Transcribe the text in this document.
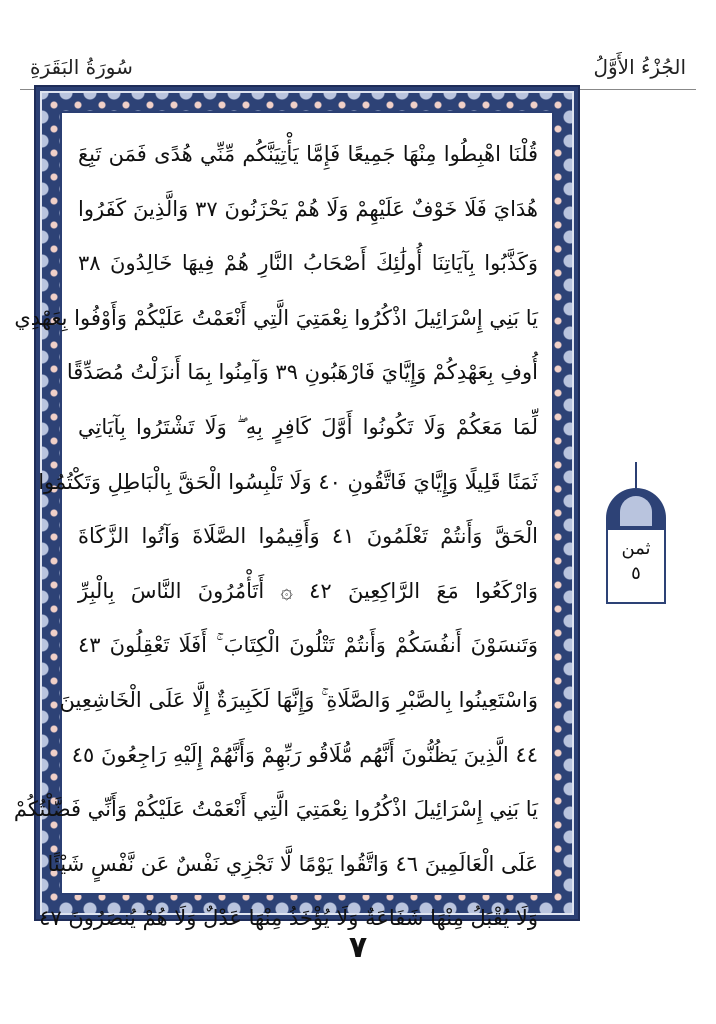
سُورَةُ البَقَرَةِ	الجُزْءُ الأَوَّلُ
قُلْنَا اهْبِطُوا مِنْهَا جَمِيعًا فَإِمَّا يَأْتِيَنَّكُم مِّنِّي هُدًى فَمَن تَبِعَ
هُدَايَ فَلَا خَوْفٌ عَلَيْهِمْ وَلَا هُمْ يَحْزَنُونَ ٣٧ وَالَّذِينَ كَفَرُوا
وَكَذَّبُوا بِآيَاتِنَا أُولَٰئِكَ أَصْحَابُ النَّارِ هُمْ فِيهَا خَالِدُونَ ٣٨
يَا بَنِي إِسْرَائِيلَ اذْكُرُوا نِعْمَتِيَ الَّتِي أَنْعَمْتُ عَلَيْكُمْ وَأَوْفُوا بِعَهْدِي
أُوفِ بِعَهْدِكُمْ وَإِيَّايَ فَارْهَبُونِ ٣٩ وَآمِنُوا بِمَا أَنزَلْتُ مُصَدِّقًا
لِّمَا مَعَكُمْ وَلَا تَكُونُوا أَوَّلَ كَافِرٍ بِهِ ۖ وَلَا تَشْتَرُوا بِآيَاتِي
ثَمَنًا قَلِيلًا وَإِيَّايَ فَاتَّقُونِ ٤٠ وَلَا تَلْبِسُوا الْحَقَّ بِالْبَاطِلِ وَتَكْتُمُوا
الْحَقَّ وَأَنتُمْ تَعْلَمُونَ ٤١ وَأَقِيمُوا الصَّلَاةَ وَآتُوا الزَّكَاةَ
وَارْكَعُوا مَعَ الرَّاكِعِينَ ٤٢ ۞ أَتَأْمُرُونَ النَّاسَ بِالْبِرِّ
وَتَنسَوْنَ أَنفُسَكُمْ وَأَنتُمْ تَتْلُونَ الْكِتَابَ ۚ أَفَلَا تَعْقِلُونَ ٤٣
وَاسْتَعِينُوا بِالصَّبْرِ وَالصَّلَاةِ ۚ وَإِنَّهَا لَكَبِيرَةٌ إِلَّا عَلَى الْخَاشِعِينَ
٤٤ الَّذِينَ يَظُنُّونَ أَنَّهُم مُّلَاقُو رَبِّهِمْ وَأَنَّهُمْ إِلَيْهِ رَاجِعُونَ ٤٥
يَا بَنِي إِسْرَائِيلَ اذْكُرُوا نِعْمَتِيَ الَّتِي أَنْعَمْتُ عَلَيْكُمْ وَأَنِّي فَضَّلْتُكُمْ
عَلَى الْعَالَمِينَ ٤٦ وَاتَّقُوا يَوْمًا لَّا تَجْزِي نَفْسٌ عَن نَّفْسٍ شَيْئًا
وَلَا يُقْبَلُ مِنْهَا شَفَاعَةٌ وَلَا يُؤْخَذُ مِنْهَا عَدْلٌ وَلَا هُمْ يُنصَرُونَ ٤٧
ثمن
٥
٧
